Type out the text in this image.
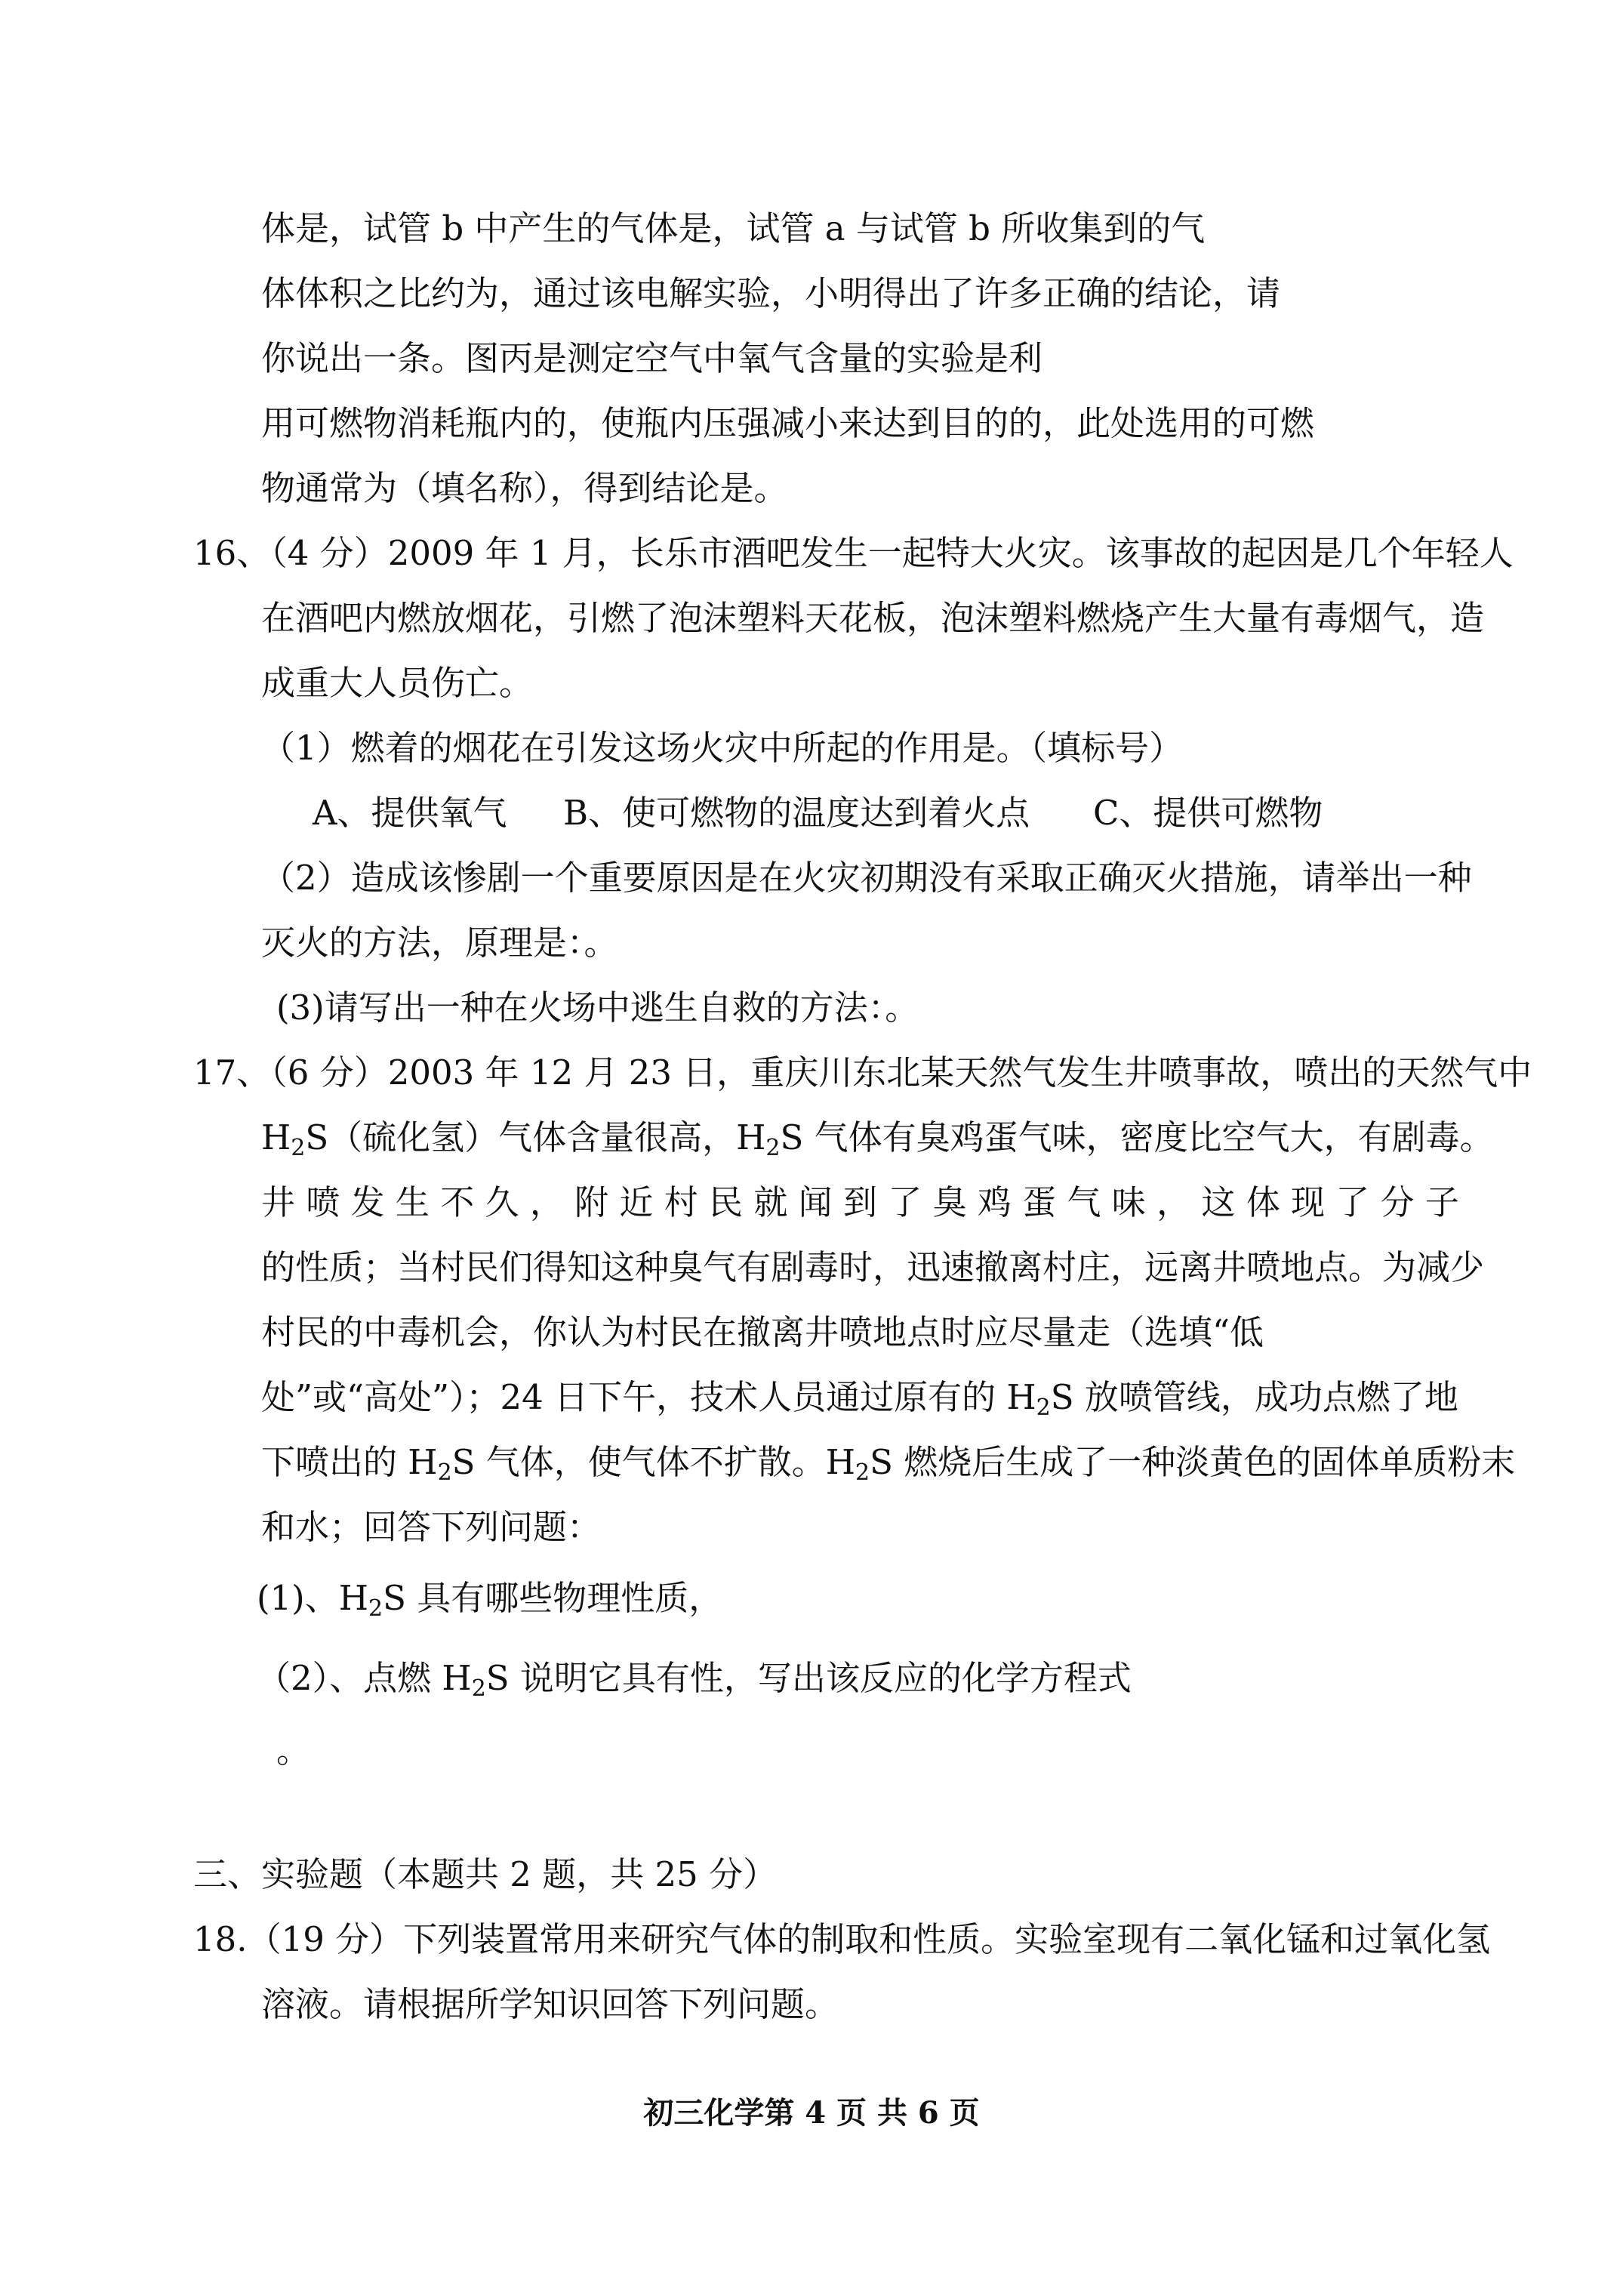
体是，试管 b 中产生的气体是，试管 a 与试管 b 所收集到的气
体体积之比约为，通过该电解实验，小明得出了许多正确的结论，请
你说出一条。图丙是测定空气中氧气含量的实验是利
用可燃物消耗瓶内的，使瓶内压强减小来达到目的的，此处选用的可燃
物通常为（填名称），得到结论是。
16、（4 分）2009 年 1 月，长乐市酒吧发生一起特大火灾。该事故的起因是几个年轻人
在酒吧内燃放烟花，引燃了泡沫塑料天花板，泡沫塑料燃烧产生大量有毒烟气，造
成重大人员伤亡。
（1）燃着的烟花在引发这场火灾中所起的作用是。（填标号）
A、提供氧气 B、使可燃物的温度达到着火点 C、提供可燃物
（2）造成该惨剧一个重要原因是在火灾初期没有采取正确灭火措施，请举出一种
灭火的方法，原理是：。
(3)请写出一种在火场中逃生自救的方法：。
17、（6 分）2003 年 12 月 23 日，重庆川东北某天然气发生井喷事故，喷出的天然气中
$H_2S$（硫化氢）气体含量很高，$H_2S$ 气体有臭鸡蛋气味，密度比空气大，有剧毒。
井 喷 发 生 不 久 ， 附 近 村 民 就 闻 到 了 臭 鸡 蛋 气 味 ， 这 体 现 了 分 子
的性质；当村民们得知这种臭气有剧毒时，迅速撤离村庄，远离井喷地点。为减少
村民的中毒机会，你认为村民在撤离井喷地点时应尽量走（选填“低
处”或“高处”）；24 日下午，技术人员通过原有的 $H_2S$ 放喷管线，成功点燃了地
下喷出的 $H_2S$ 气体，使气体不扩散。$H_2S$ 燃烧后生成了一种淡黄色的固体单质粉末
和水；回答下列问题：
(1)、$H_2S$ 具有哪些物理性质，
（2）、点燃 $H_2S$ 说明它具有性，写出该反应的化学方程式
。
三、实验题（本题共 2 题，共 25 分）
18.（19 分）下列装置常用来研究气体的制取和性质。实验室现有二氧化锰和过氧化氢
溶液。请根据所学知识回答下列问题。
初三化学第 4 页 共 6 页
